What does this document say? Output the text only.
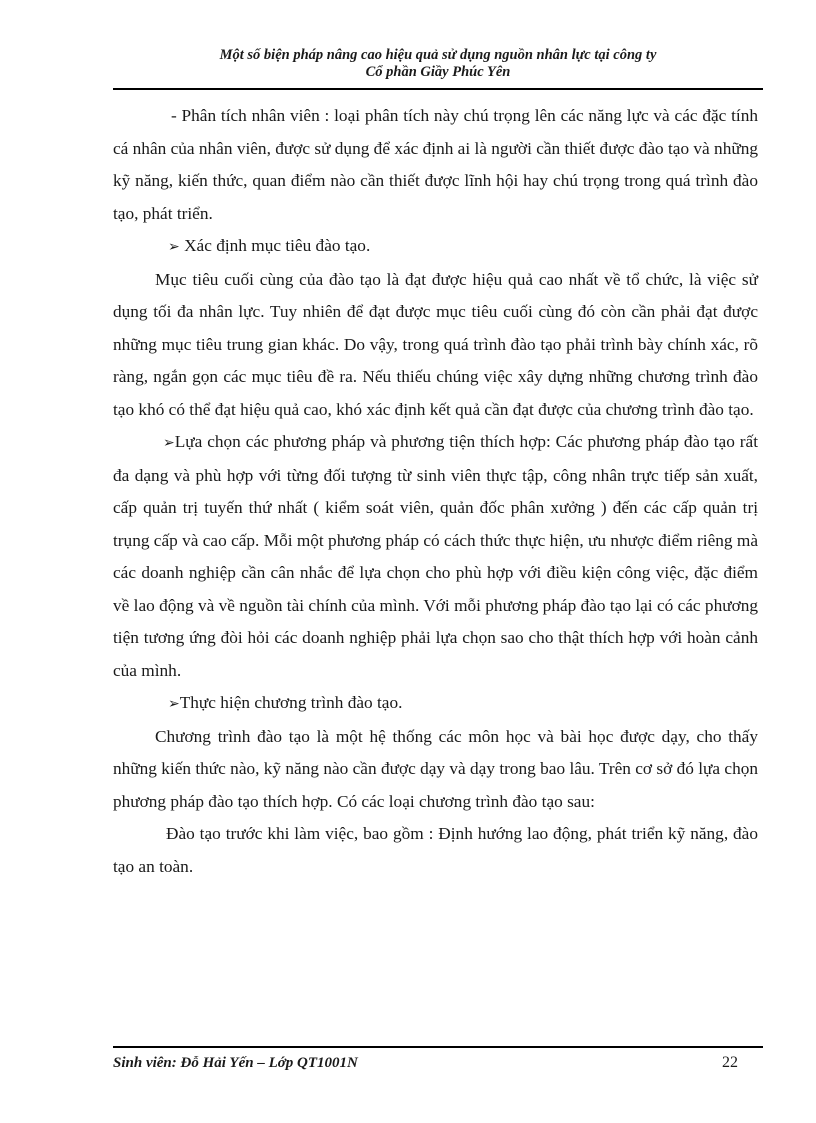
Một số biện pháp nâng cao hiệu quả sử dụng nguồn nhân lực tại công ty
Cổ phần Giầy Phúc Yên

- Phân tích nhân viên : loại phân tích này chú trọng lên các năng lực và các đặc tính cá nhân của nhân viên, được sử dụng để xác định ai là người cần thiết được đào tạo và những kỹ năng, kiến thức, quan điểm nào cần thiết được lĩnh hội hay chú trọng trong quá trình đào tạo, phát triển.

➢ Xác định mục tiêu đào tạo.

Mục tiêu cuối cùng của đào tạo là đạt được hiệu quả cao nhất về tổ chức, là việc sử dụng tối đa nhân lực. Tuy nhiên để đạt được mục tiêu cuối cùng đó còn cần phải đạt được những mục tiêu trung gian khác. Do vậy, trong quá trình đào tạo phải trình bày chính xác, rõ ràng, ngắn gọn các mục tiêu đề ra. Nếu thiếu chúng việc xây dựng những chương trình đào tạo khó có thể đạt hiệu quả cao, khó xác định kết quả cần đạt được của chương trình đào tạo.

➢Lựa chọn các phương pháp và phương tiện thích hợp: Các phương pháp đào tạo rất đa dạng và phù hợp với từng đối tượng từ sinh viên thực tập, công nhân trực tiếp sản xuất, cấp quản trị tuyến thứ nhất ( kiểm soát viên, quản đốc phân xưởng ) đến các cấp quản trị trụng cấp và cao cấp. Mỗi một phương pháp có cách thức thực hiện, ưu nhược điểm riêng mà các doanh nghiệp cần cân nhắc để lựa chọn cho phù hợp với điều kiện công việc, đặc điểm về lao động và về nguồn tài chính của mình. Với mỗi phương pháp đào tạo lại có các phương tiện tương ứng đòi hỏi các doanh nghiệp phải lựa chọn sao cho thật thích hợp với hoàn cảnh của mình.

➢Thực hiện chương trình đào tạo.

Chương trình đào tạo là một hệ thống các môn học và bài học được dạy, cho thấy những kiến thức nào, kỹ năng nào cần được dạy và dạy trong bao lâu. Trên cơ sở đó lựa chọn phương pháp đào tạo thích hợp. Có các loại chương trình đào tạo sau:

Đào tạo trước khi làm việc, bao gồm : Định hướng lao động, phát triển kỹ năng, đào tạo an toàn.

Sinh viên: Đỗ Hải Yến – Lớp QT1001N	22
